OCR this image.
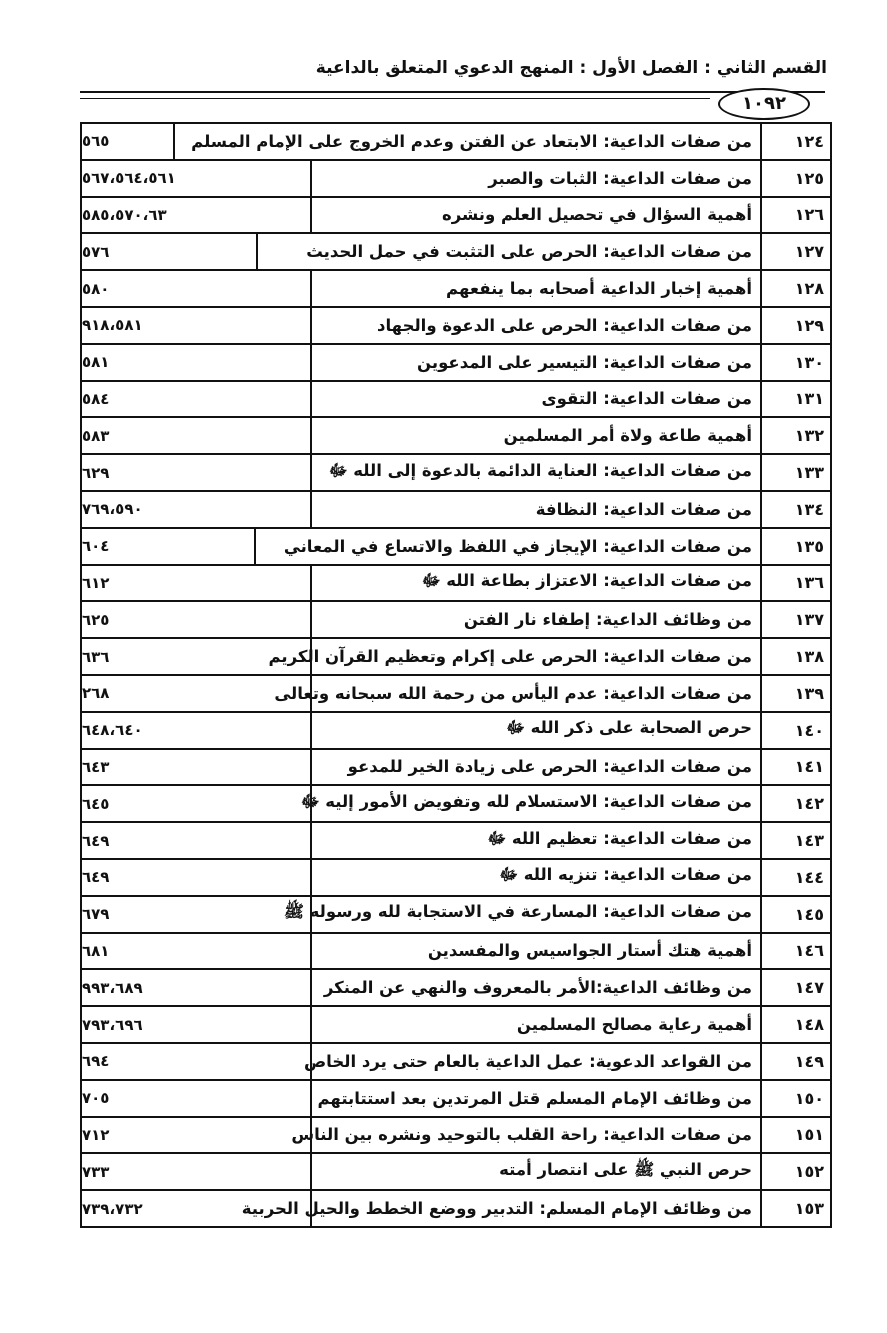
القسم الثاني : الفصل الأول : المنهج الدعوي المتعلق بالداعية
١٠٩٢
١٢٤
من صفات الداعية: الابتعاد عن الفتن وعدم الخروج على الإمام المسلم
٥٦٥
١٢٥
من صفات الداعية: الثبات والصبر
٥٦٧،٥٦٤،٥٦١
١٢٦
أهمية السؤال في تحصيل العلم ونشره
٥٨٥،٥٧٠،٦٣
١٢٧
من صفات الداعية: الحرص على التثبت في حمل الحديث
٥٧٦
١٢٨
أهمية إخبار الداعية أصحابه بما ينفعهم
٥٨٠
١٢٩
من صفات الداعية: الحرص على الدعوة والجهاد
٩١٨،٥٨١
١٣٠
من صفات الداعية: التيسير على المدعوين
٥٨١
١٣١
من صفات الداعية: التقوى
٥٨٤
١٣٢
أهمية طاعة ولاة أمر المسلمين
٥٨٣
١٣٣
من صفات الداعية: العناية الدائمة بالدعوة إلى الله ﷻ
٦٢٩
١٣٤
من صفات الداعية: النظافة
٧٦٩،٥٩٠
١٣٥
من صفات الداعية: الإيجاز في اللفظ والاتساع في المعاني
٦٠٤
١٣٦
من صفات الداعية: الاعتزاز بطاعة الله ﷻ
٦١٢
١٣٧
من وظائف الداعية: إطفاء نار الفتن
٦٢٥
١٣٨
من صفات الداعية: الحرص على إكرام وتعظيم القرآن الكريم
٦٣٦
١٣٩
من صفات الداعية: عدم اليأس من رحمة الله سبحانه وتعالى
٢٦٨
١٤٠
حرص الصحابة على ذكر الله ﷻ
٦٤٨،٦٤٠
١٤١
من صفات الداعية: الحرص على زيادة الخير للمدعو
٦٤٣
١٤٢
من صفات الداعية: الاستسلام لله وتفويض الأمور إليه ﷻ
٦٤٥
١٤٣
من صفات الداعية: تعظيم الله ﷻ
٦٤٩
١٤٤
من صفات الداعية: تنزيه الله ﷻ
٦٤٩
١٤٥
من صفات الداعية: المسارعة في الاستجابة لله ورسوله ﷺ
٦٧٩
١٤٦
أهمية هتك أستار الجواسيس والمفسدين
٦٨١
١٤٧
من وظائف الداعية:الأمر بالمعروف والنهي عن المنكر
٩٩٣،٦٨٩
١٤٨
أهمية رعاية مصالح المسلمين
٧٩٣،٦٩٦
١٤٩
من القواعد الدعوية: عمل الداعية بالعام حتى يرد الخاص
٦٩٤
١٥٠
من وظائف الإمام المسلم قتل المرتدين بعد استتابتهم
٧٠٥
١٥١
من صفات الداعية: راحة القلب بالتوحيد ونشره بين الناس
٧١٢
١٥٢
حرص النبي ﷺ على انتصار أمته
٧٣٣
١٥٣
من وظائف الإمام المسلم: التدبير ووضع الخطط والحيل الحربية
٧٣٩،٧٣٢
